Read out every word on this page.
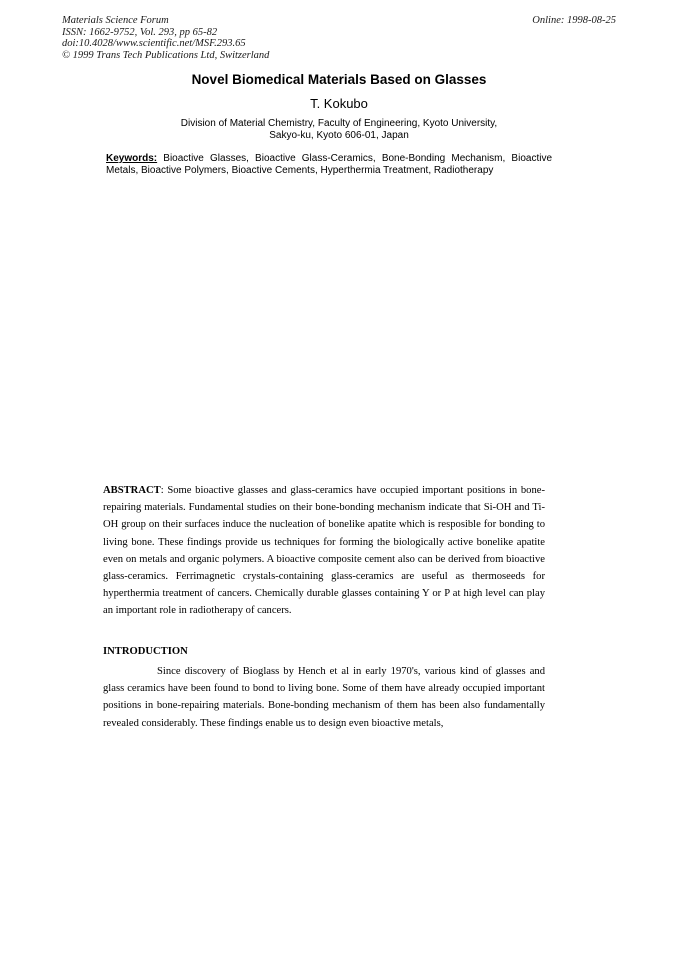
Materials Science Forum
ISSN: 1662-9752, Vol. 293, pp 65-82
doi:10.4028/www.scientific.net/MSF.293.65
© 1999 Trans Tech Publications Ltd, Switzerland
Online: 1998-08-25
Novel Biomedical Materials Based on Glasses
T. Kokubo
Division of Material Chemistry, Faculty of Engineering, Kyoto University,
Sakyo-ku, Kyoto 606-01, Japan
Keywords: Bioactive Glasses, Bioactive Glass-Ceramics, Bone-Bonding Mechanism, Bioactive Metals, Bioactive Polymers, Bioactive Cements, Hyperthermia Treatment, Radiotherapy
ABSTRACT: Some bioactive glasses and glass-ceramics have occupied important positions in bone-repairing materials. Fundamental studies on their bone-bonding mechanism indicate that Si-OH and Ti-OH group on their surfaces induce the nucleation of bonelike apatite which is resposible for bonding to living bone. These findings provide us techniques for forming the biologically active bonelike apatite even on metals and organic polymers. A bioactive composite cement also can be derived from bioactive glass-ceramics. Ferrimagnetic crystals-containing glass-ceramics are useful as thermoseeds for hyperthermia treatment of cancers. Chemically durable glasses containing Y or P at high level can play an important role in radiotherapy of cancers.
INTRODUCTION
Since discovery of Bioglass by Hench et al in early 1970's, various kind of glasses and glass ceramics have been found to bond to living bone. Some of them have already occupied important positions in bone-repairing materials. Bone-bonding mechanism of them has been also fundamentally revealed considerably. These findings enable us to design even bioactive metals,
